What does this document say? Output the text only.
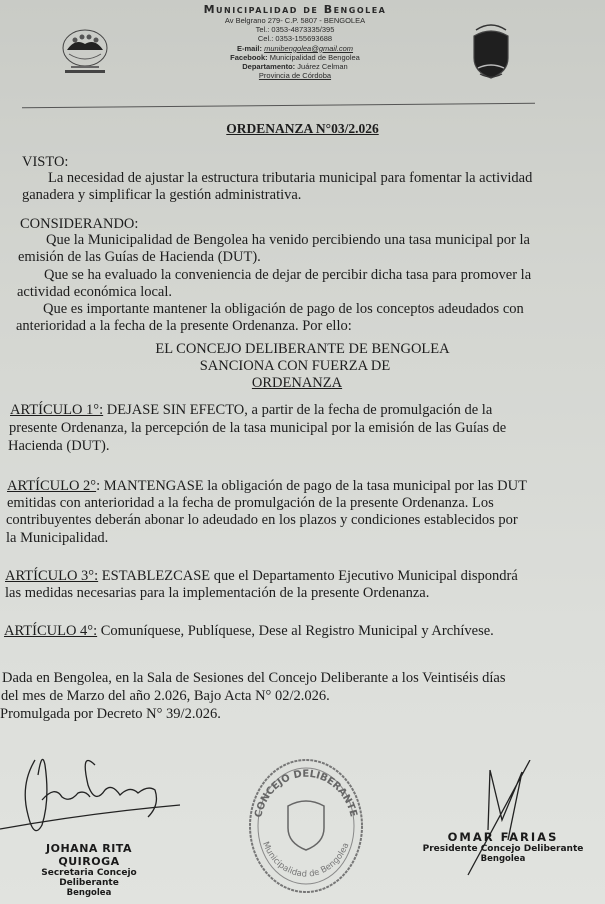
Municipalidad de Bengolea
Av Belgrano 279- C.P. 5807 - BENGOLEA
Tel.: 0353-4873335/395
Cel.: 0353-155693688
E-mail: munibengolea@gmail.com
Facebook: Municipalidad de Bengolea
Departamento: Juárez Celman
Provincia de Córdoba
ORDENANZA N°03/2.026
VISTO:
La necesidad de ajustar la estructura tributaria municipal para fomentar la actividad
ganadera y simplificar la gestión administrativa.
CONSIDERANDO:
Que la Municipalidad de Bengolea ha venido percibiendo una tasa municipal por la
emisión de las Guías de Hacienda (DUT).
Que se ha evaluado la conveniencia de dejar de percibir dicha tasa para promover la
actividad económica local.
Que es importante mantener la obligación de pago de los conceptos adeudados con
anterioridad a la fecha de la presente Ordenanza. Por ello:
EL CONCEJO DELIBERANTE DE BENGOLEA
SANCIONA CON FUERZA DE
ORDENANZA
ARTÍCULO 1°: DEJASE SIN EFECTO, a partir de la fecha de promulgación de la
presente Ordenanza, la percepción de la tasa municipal por la emisión de las Guías de
Hacienda (DUT).
ARTÍCULO 2°: MANTENGASE la obligación de pago de la tasa municipal por las DUT
emitidas con anterioridad a la fecha de promulgación de la presente Ordenanza. Los
contribuyentes deberán abonar lo adeudado en los plazos y condiciones establecidos por
la Municipalidad.
ARTÍCULO 3°: ESTABLEZCASE que el Departamento Ejecutivo Municipal dispondrá
las medidas necesarias para la implementación de la presente Ordenanza.
ARTÍCULO 4°: Comuníquese, Publíquese, Dese al Registro Municipal y Archívese.
Dada en Bengolea, en la Sala de Sesiones del Concejo Deliberante a los Veintiséis días
del mes de Marzo del año 2.026, Bajo Acta N° 02/2.026.
Promulgada por Decreto N° 39/2.026.
JOHANA RITA QUIROGA
Secretaria Concejo Deliberante
Bengolea
CONCEJO DELIBERANTE
Municipalidad de Bengolea
OMAR FARIAS
Presidente Concejo Deliberante
Bengolea
